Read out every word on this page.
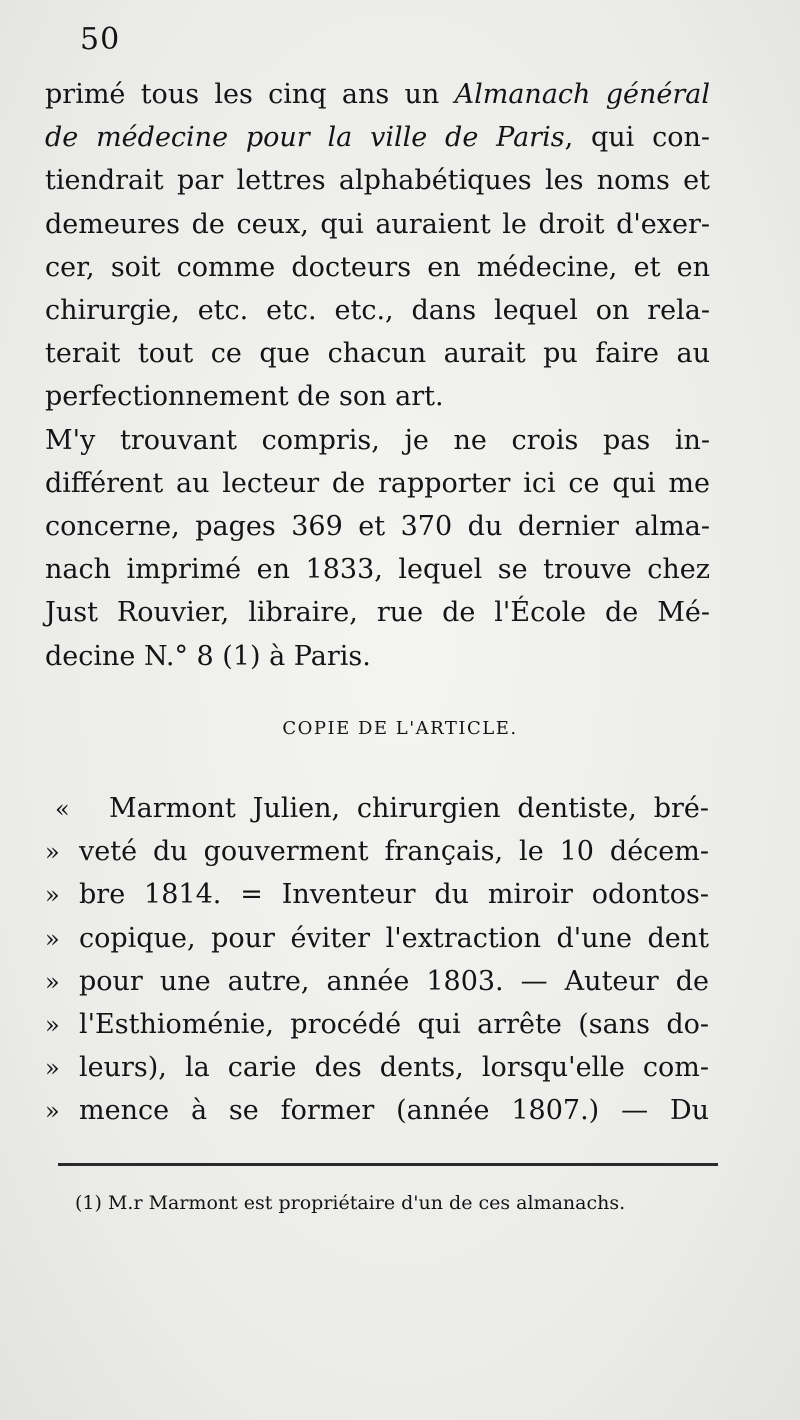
50
primé tous les cinq ans un Almanach général
de médecine pour la ville de Paris, qui con-
tiendrait par lettres alphabétiques les noms et
demeures de ceux, qui auraient le droit d'exer-
cer, soit comme docteurs en médecine, et en
chirurgie, etc. etc. etc., dans lequel on rela-
terait tout ce que chacun aurait pu faire au
perfectionnement de son art.
M'y trouvant compris, je ne crois pas in-
différent au lecteur de rapporter ici ce qui me
concerne, pages 369 et 370 du dernier alma-
nach imprimé en 1833, lequel se trouve chez
Just Rouvier, libraire, rue de l'École de Mé-
decine N.° 8 (1) à Paris.
COPIE DE L'ARTICLE.
« Marmont Julien, chirurgien dentiste, bré-
» veté du gouverment français, le 10 décem-
» bre 1814. = Inventeur du miroir odontos-
» copique, pour éviter l'extraction d'une dent
» pour une autre, année 1803. — Auteur de
» l'Esthioménie, procédé qui arrête (sans do-
» leurs), la carie des dents, lorsqu'elle com-
» mence à se former (année 1807.) — Du
(1) M.r Marmont est propriétaire d'un de ces almanachs.
